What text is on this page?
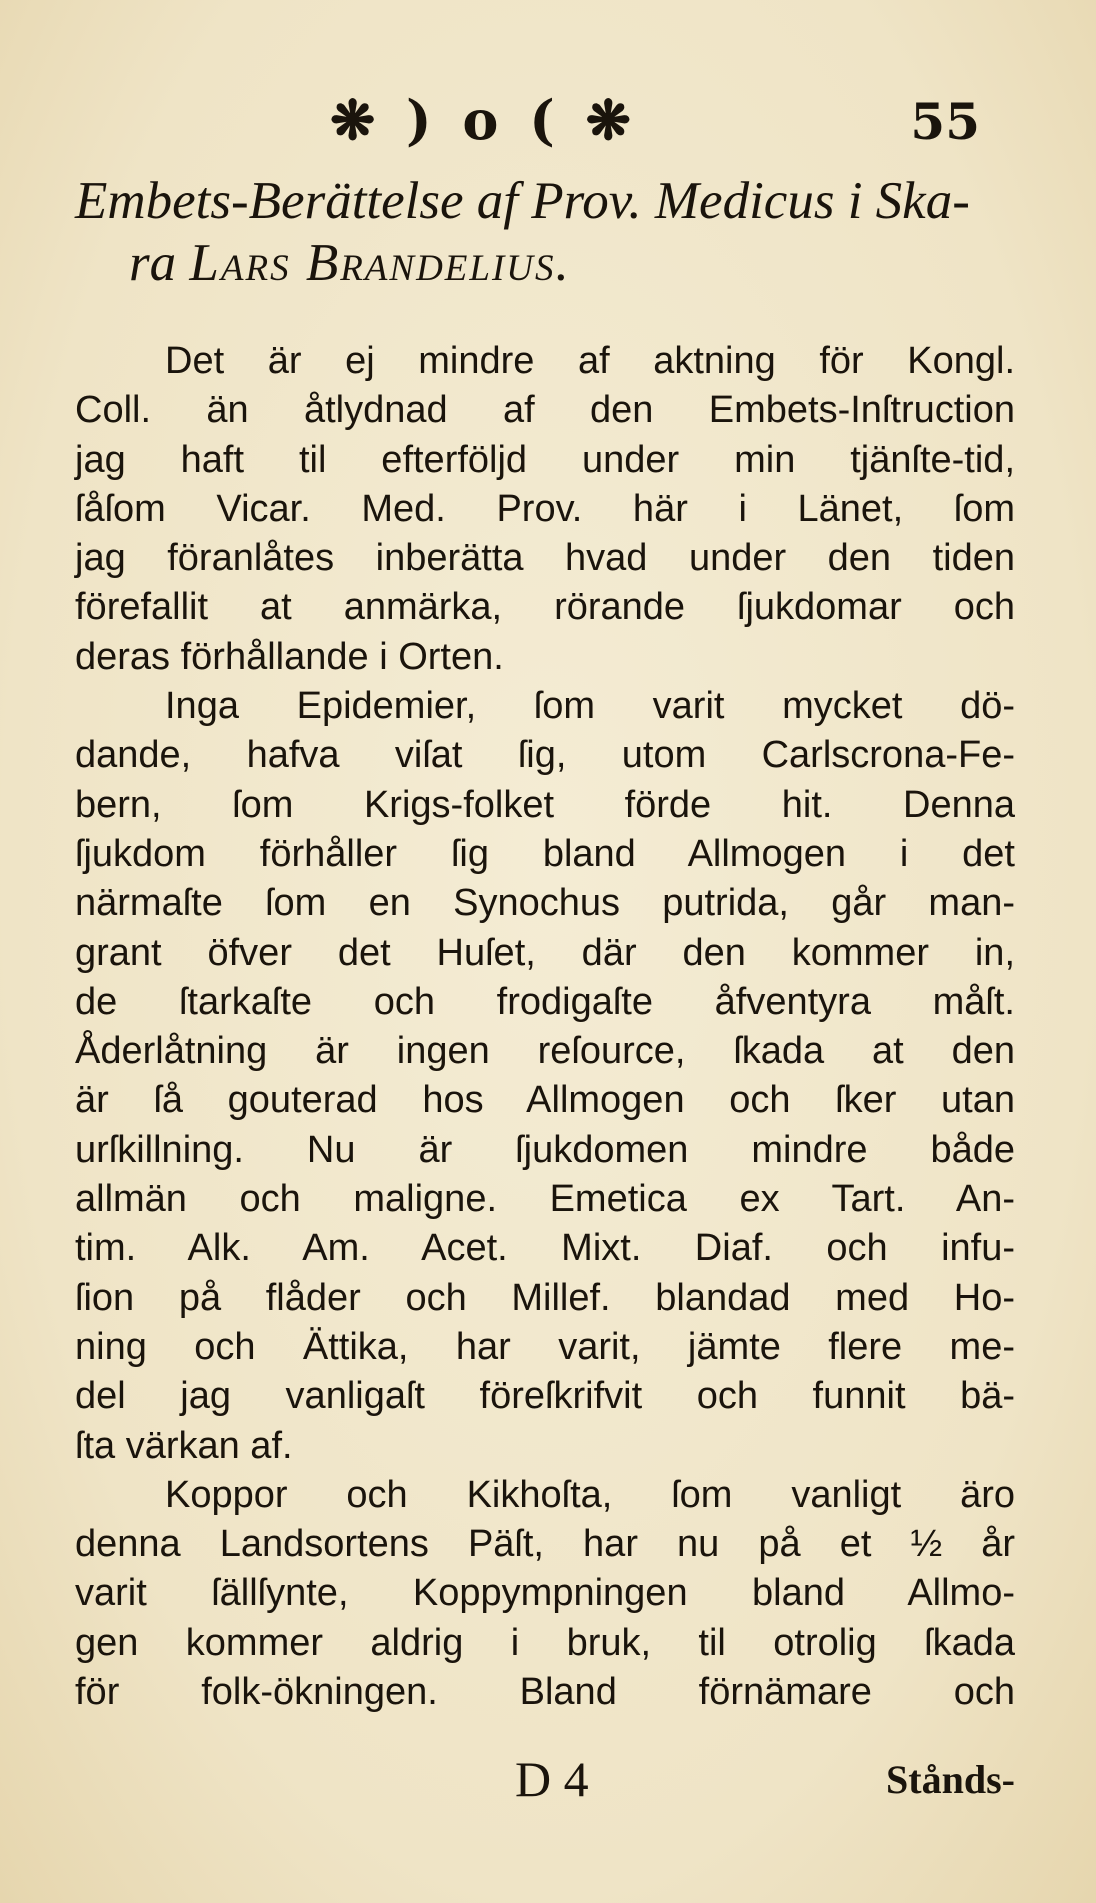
❋ ) o ( ❋	55
Embets-Berättelse af Prov. Medicus i Ska-
ra Lars Brandelius.
Det är ej mindre af aktning för Kongl.
Coll. än åtlydnad af den Embets-Inſtruction
jag haft til efterföljd under min tjänſte-tid,
ſåſom Vicar. Med. Prov. här i Länet, ſom
jag föranlåtes inberätta hvad under den tiden
förefallit at anmärka, rörande ſjukdomar och
deras förhållande i Orten.
Inga Epidemier, ſom varit mycket dö-
dande, hafva viſat ſig, utom Carlscrona-Fe-
bern, ſom Krigs-folket förde hit. Denna
ſjukdom förhåller ſig bland Allmogen i det
närmaſte ſom en Synochus putrida, går man-
grant öfver det Huſet, där den kommer in,
de ſtarkaſte och frodigaſte åfventyra måſt.
Åderlåtning är ingen reſource, ſkada at den
är ſå gouterad hos Allmogen och ſker utan
urſkillning. Nu är ſjukdomen mindre både
allmän och maligne. Emetica ex Tart. An-
tim. Alk. Am. Acet. Mixt. Diaf. och infu-
ſion på flåder och Millef. blandad med Ho-
ning och Ättika, har varit, jämte flere me-
del jag vanligaſt föreſkrifvit och funnit bä-
ſta värkan af.
Koppor och Kikhoſta, ſom vanligt äro
denna Landsortens Päſt, har nu på et ½ år
varit ſällſynte, Koppympningen bland Allmo-
gen kommer aldrig i bruk, til otrolig ſkada
för folk-ökningen. Bland förnämare och
D 4	Stånds-
